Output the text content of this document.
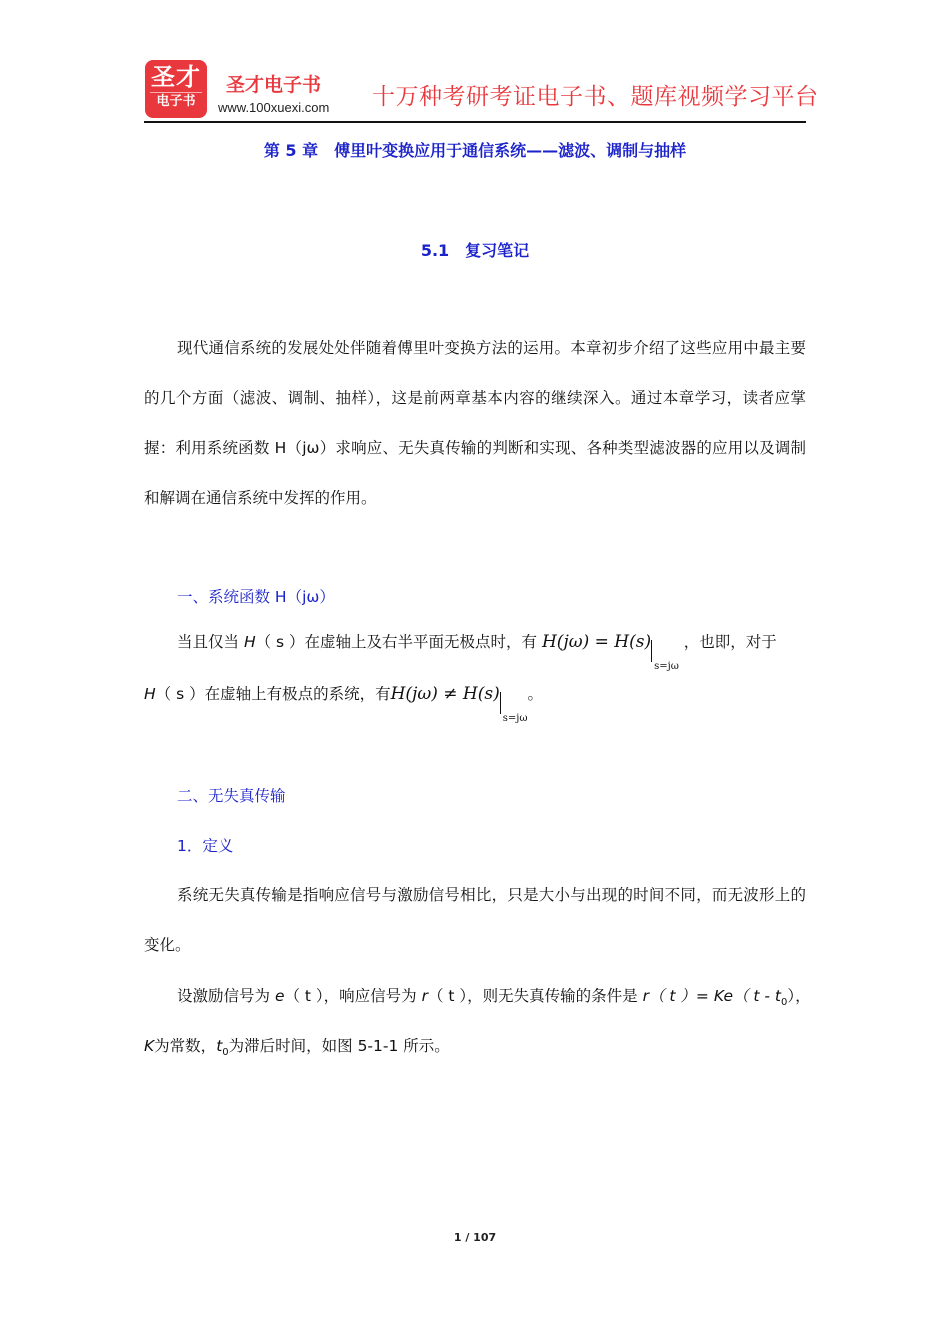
圣才
电子书
圣才电子书
www.100xuexi.com 十万种考研考证电子书、题库视频学习平台
第 5 章　傅里叶变换应用于通信系统——滤波、调制与抽样
5.1　复习笔记
现代通信系统的发展处处伴随着傅里叶变换方法的运用。本章初步介绍了这些应用中最主要的几个方面（滤波、调制、抽样），这是前两章基本内容的继续深入。通过本章学习，读者应掌握：利用系统函数 H（jω）求响应、无失真传输的判断和实现、各种类型滤波器的应用以及调制和解调在通信系统中发挥的作用。
一、系统函数 H（jω）
当且仅当 H（ s ）在虚轴上及右半平面无极点时，有 $H(j\omega) = H(s)_{s=j\omega}$ ，也即，对于
H（ s ）在虚轴上有极点的系统，有$H(j\omega) \ne H(s)_{s=j\omega}$。
二、无失真传输
1．定义
系统无失真传输是指响应信号与激励信号相比，只是大小与出现的时间不同，而无波形上的变化。
设激励信号为 e（ t ），响应信号为 r（ t ），则无失真传输的条件是 r（ t ）= Ke（ t - $t_0$），
K为常数，$t_0$为滞后时间，如图 5-1-1 所示。
1 / 107
